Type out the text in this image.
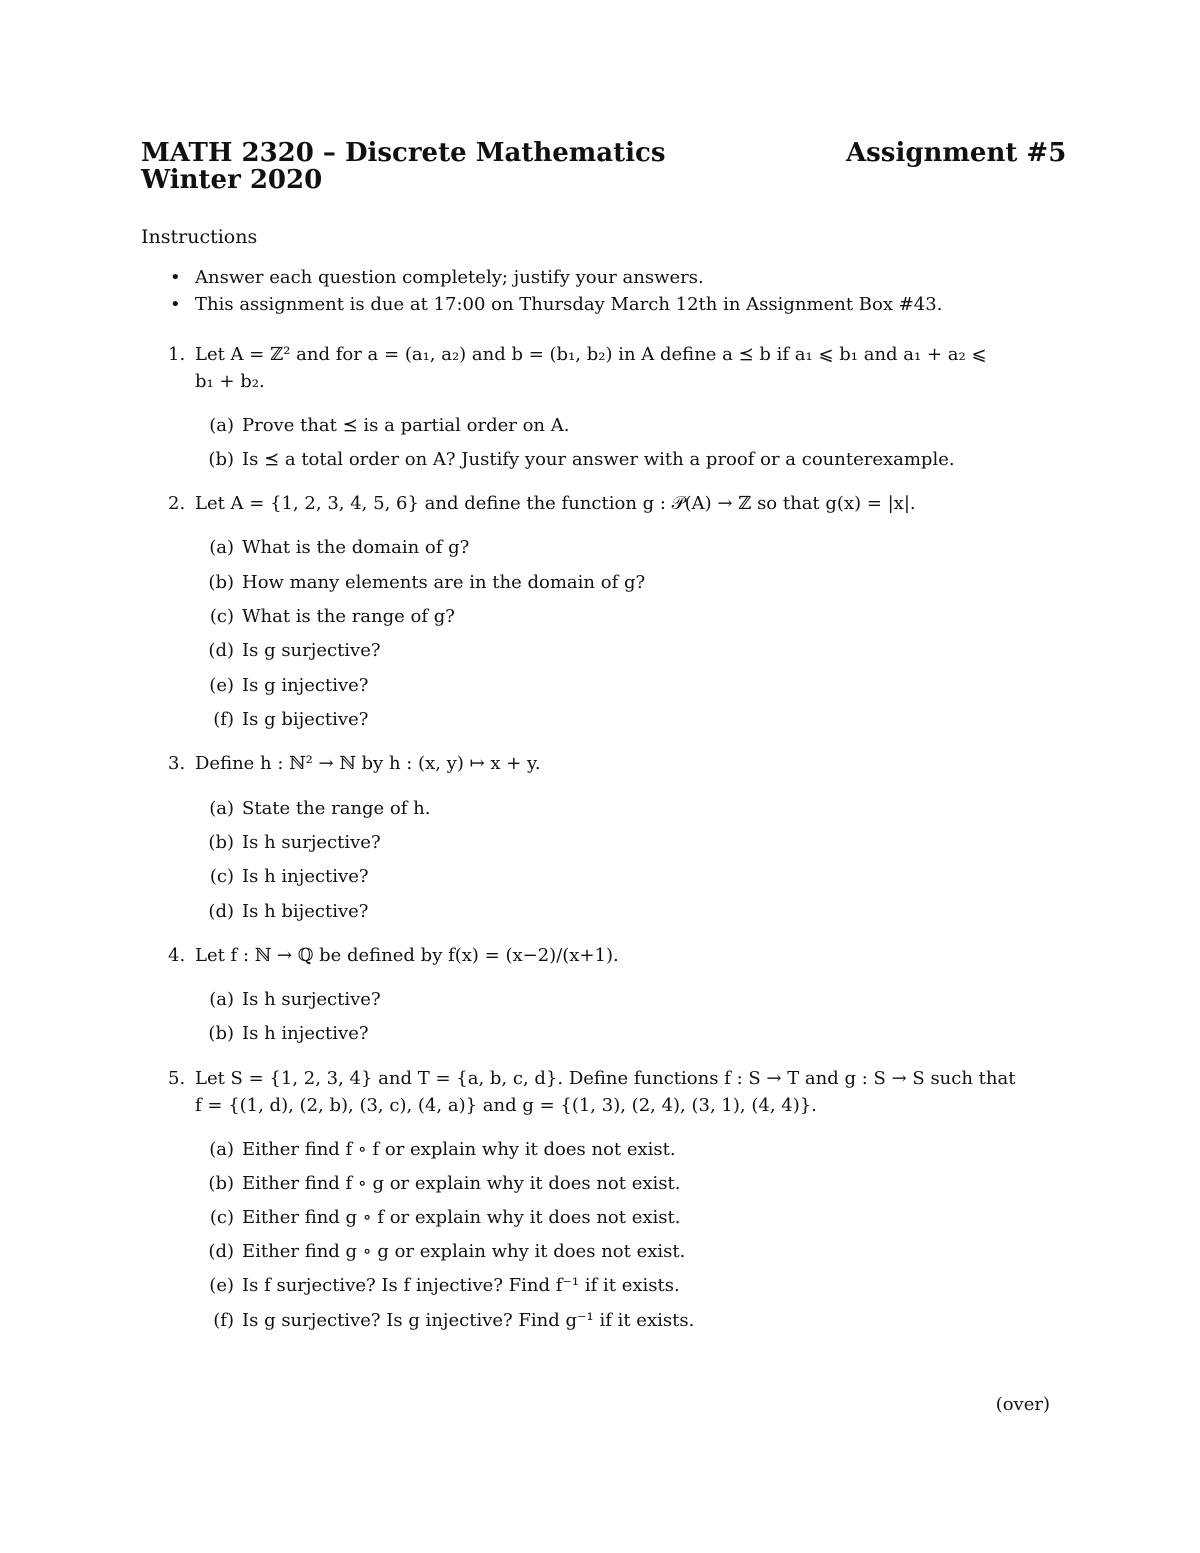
MATH 2320 – Discrete Mathematics	Assignment #5
Winter 2020
Instructions
• Answer each question completely; justify your answers.
• This assignment is due at 17:00 on Thursday March 12th in Assignment Box #43.
1. Let A = ℤ² and for a = (a₁, a₂) and b = (b₁, b₂) in A define a ⪯ b if a₁ ⩽ b₁ and a₁ + a₂ ⩽
b₁ + b₂.
(a) Prove that ⪯ is a partial order on A.
(b) Is ⪯ a total order on A? Justify your answer with a proof or a counterexample.
2. Let A = {1, 2, 3, 4, 5, 6} and define the function g : 𝒫(A) → ℤ so that g(x) = |x|.
(a) What is the domain of g?
(b) How many elements are in the domain of g?
(c) What is the range of g?
(d) Is g surjective?
(e) Is g injective?
(f) Is g bijective?
3. Define h : ℕ² → ℕ by h : (x, y) ↦ x + y.
(a) State the range of h.
(b) Is h surjective?
(c) Is h injective?
(d) Is h bijective?
4. Let f : ℕ → ℚ be defined by f(x) = (x−2)/(x+1).
(a) Is h surjective?
(b) Is h injective?
5. Let S = {1, 2, 3, 4} and T = {a, b, c, d}. Define functions f : S → T and g : S → S such that
f = {(1, d), (2, b), (3, c), (4, a)} and g = {(1, 3), (2, 4), (3, 1), (4, 4)}.
(a) Either find f ∘ f or explain why it does not exist.
(b) Either find f ∘ g or explain why it does not exist.
(c) Either find g ∘ f or explain why it does not exist.
(d) Either find g ∘ g or explain why it does not exist.
(e) Is f surjective? Is f injective? Find f⁻¹ if it exists.
(f) Is g surjective? Is g injective? Find g⁻¹ if it exists.
(over)
